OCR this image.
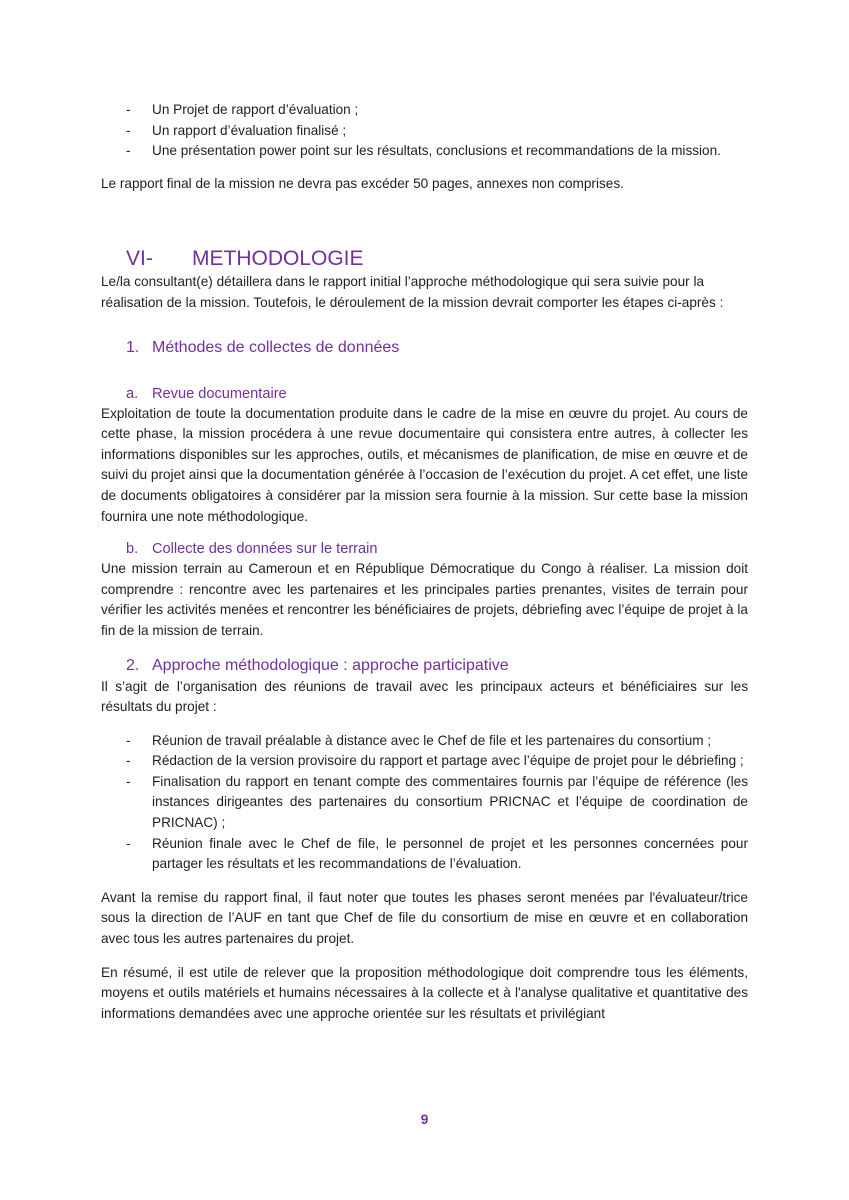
- Un Projet de rapport d’évaluation ;
- Un rapport d’évaluation finalisé ;
- Une présentation power point sur les résultats, conclusions et recommandations de la mission.

Le rapport final de la mission ne devra pas excéder 50 pages, annexes non comprises.

VI- METHODOLOGIE

Le/la consultant(e) détaillera dans le rapport initial l’approche méthodologique qui sera suivie pour la réalisation de la mission. Toutefois, le déroulement de la mission devrait comporter les étapes ci-après :

1. Méthodes de collectes de données
a. Revue documentaire

Exploitation de toute la documentation produite dans le cadre de la mise en œuvre du projet. Au cours de cette phase, la mission procédera à une revue documentaire qui consistera entre autres, à collecter les informations disponibles sur les approches, outils, et mécanismes de planification, de mise en œuvre et de suivi du projet ainsi que la documentation générée à l’occasion de l’exécution du projet. A cet effet, une liste de documents obligatoires à considérer par la mission sera fournie à la mission. Sur cette base la mission fournira une note méthodologique.

b. Collecte des données sur le terrain

Une mission terrain au Cameroun et en République Démocratique du Congo à réaliser. La mission doit comprendre : rencontre avec les partenaires et les principales parties prenantes, visites de terrain pour vérifier les activités menées et rencontrer les bénéficiaires de projets, débriefing avec l’équipe de projet à la fin de la mission de terrain.

2. Approche méthodologique : approche participative

Il s’agit de l’organisation des réunions de travail avec les principaux acteurs et bénéficiaires sur les résultats du projet :

- Réunion de travail préalable à distance avec le Chef de file et les partenaires du consortium ;
- Rédaction de la version provisoire du rapport et partage avec l’équipe de projet pour le débriefing ;
- Finalisation du rapport en tenant compte des commentaires fournis par l’équipe de référence (les instances dirigeantes des partenaires du consortium PRICNAC et l’équipe de coordination de PRICNAC) ;
- Réunion finale avec le Chef de file, le personnel de projet et les personnes concernées pour partager les résultats et les recommandations de l’évaluation.

Avant la remise du rapport final, il faut noter que toutes les phases seront menées par l'évaluateur/trice sous la direction de l’AUF en tant que Chef de file du consortium de mise en œuvre et en collaboration avec tous les autres partenaires du projet.

En résumé, il est utile de relever que la proposition méthodologique doit comprendre tous les éléments, moyens et outils matériels et humains nécessaires à la collecte et à l'analyse qualitative et quantitative des informations demandées avec une approche orientée sur les résultats et privilégiant

9
